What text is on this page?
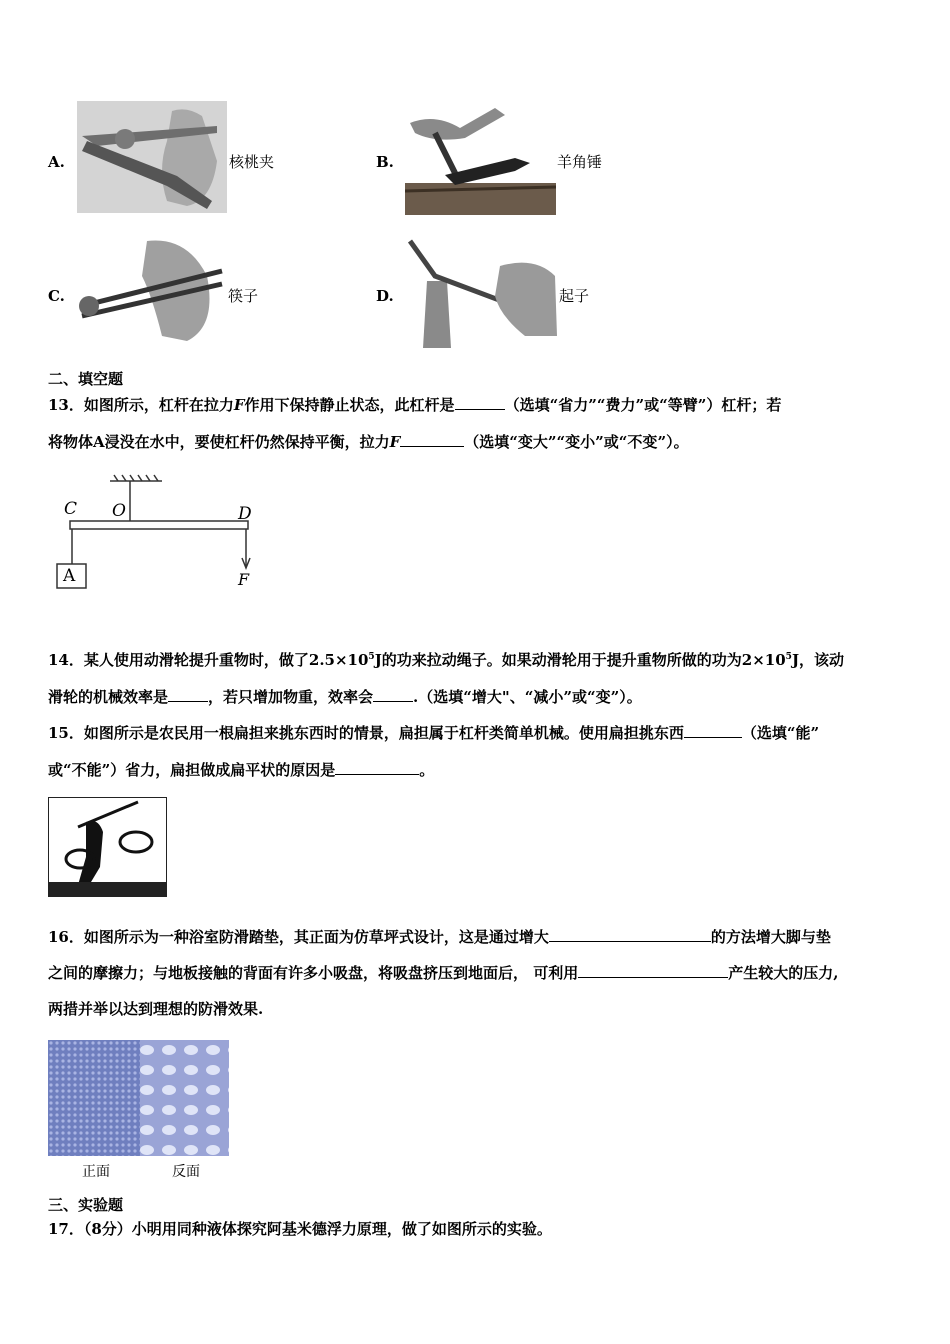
A.	核桃夹	B.	羊角锤
C.	筷子	D.	起子
二、填空题
13．如图所示，杠杆在拉力F作用下保持静止状态，此杠杆是	（选填“省力”“费力”或“等臂”）杠杆；若
将物体A浸没在水中，要使杠杆仍然保持平衡，拉力F	（选填“变大”“变小”或“不变”）。
C O	D
A	F
14．某人使用动滑轮提升重物时，做了$2.5\times 10^5J$的功来拉动绳子。如果动滑轮用于提升重物所做的功为$2\times 10^5J$，该动
滑轮的机械效率是	，若只增加物重，效率会	.（选填“增大"、“减小”或“变”）。
15．如图所示是农民用一根扁担来挑东西时的情景，扁担属于杠杆类简单机械。使用扁担挑东西	（选填“能”
或“不能”）省力，扁担做成扁平状的原因是	。
16．如图所示为一种浴室防滑踏垫，其正面为仿草坪式设计，这是通过增大	的方法增大脚与垫
之间的摩擦力；与地板接触的背面有许多小吸盘，将吸盘挤压到地面后， 可利用	产生较大的压力,
两措并举以达到理想的防滑效果.
正面	反面
三、实验题
17．（8分）小明用同种液体探究阿基米德浮力原理，做了如图所示的实验。
